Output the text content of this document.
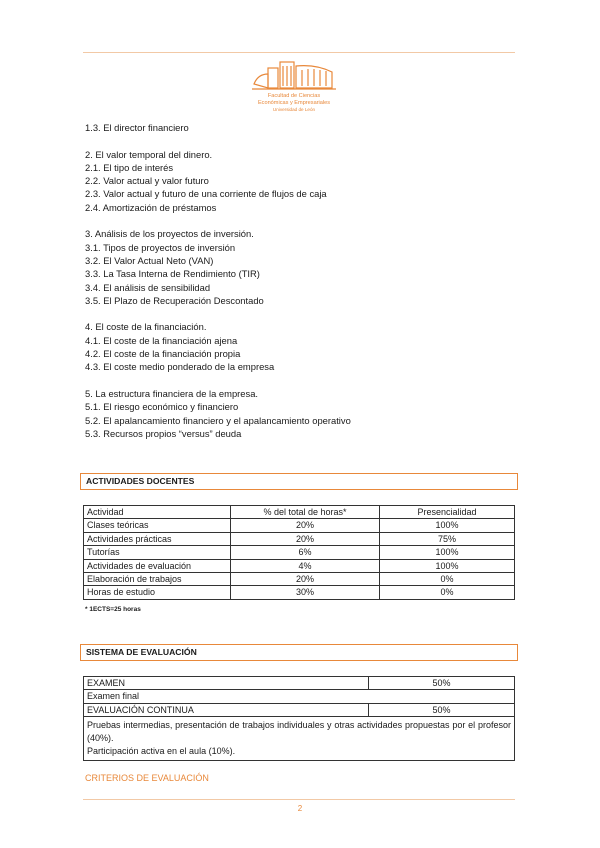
Facultad de Ciencias
Económicas y Empresariales
Universidad de León
1.3. El director financiero
2. El valor temporal del dinero.
2.1. El tipo de interés
2.2. Valor actual y valor futuro
2.3. Valor actual y futuro de una corriente de flujos de caja
2.4. Amortización de préstamos
3. Análisis de los proyectos de inversión.
3.1. Tipos de proyectos de inversión
3.2. El Valor Actual Neto (VAN)
3.3. La Tasa Interna de Rendimiento (TIR)
3.4. El análisis de sensibilidad
3.5. El Plazo de Recuperación Descontado
4. El coste de la financiación.
4.1. El coste de la financiación ajena
4.2. El coste de la financiación propia
4.3. El coste medio ponderado de la empresa
5. La estructura financiera de la empresa.
5.1. El riesgo económico y financiero
5.2. El apalancamiento financiero y el apalancamiento operativo
5.3. Recursos propios “versus” deuda
ACTIVIDADES DOCENTES
Actividad	% del total de horas*	Presencialidad
Clases teóricas	20%	100%
Actividades prácticas	20%	75%
Tutorías	6%	100%
Actividades de evaluación	4%	100%
Elaboración de trabajos	20%	0%
Horas de estudio	30%	0%
* 1ECTS=25 horas
SISTEMA DE EVALUACIÓN
EXAMEN	50%
Examen final	
EVALUACIÓN CONTINUA	50%

Pruebas intermedias, presentación de trabajos individuales y otras actividades propuestas por el profesor (40%).
Participación activa en el aula (10%).	
CRITERIOS DE EVALUACIÓN
2
